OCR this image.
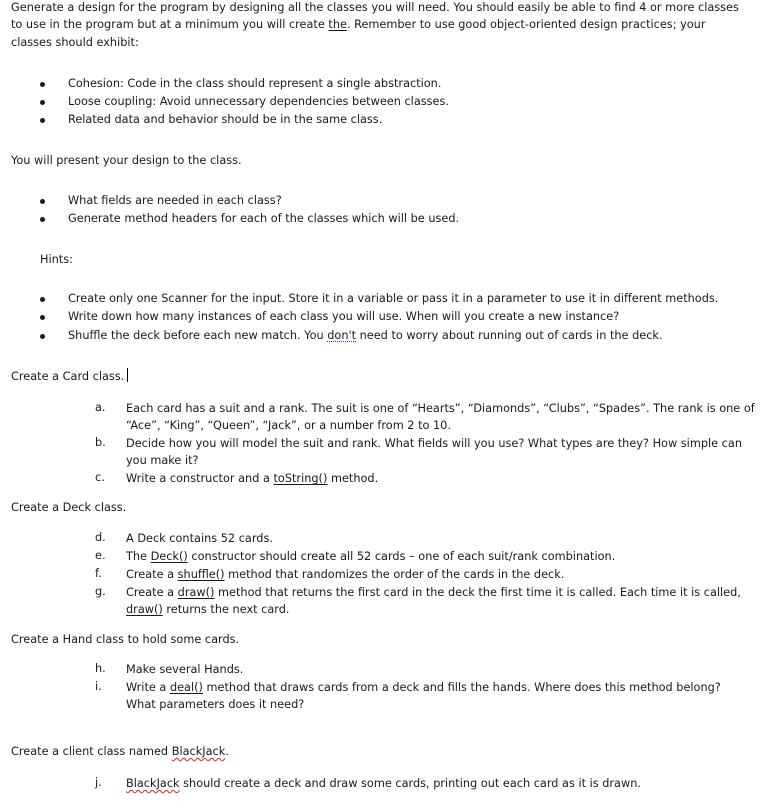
Generate a design for the program by designing all the classes you will need. You should easily be able to find 4 or more classes
to use in the program but at a minimum you will create the. Remember to use good object-oriented design practices; your
classes should exhibit:
Cohesion: Code in the class should represent a single abstraction.
Loose coupling: Avoid unnecessary dependencies between classes.
Related data and behavior should be in the same class.
You will present your design to the class.
What fields are needed in each class?
Generate method headers for each of the classes which will be used.
Hints:
Create only one Scanner for the input. Store it in a variable or pass it in a parameter to use it in different methods.
Write down how many instances of each class you will use. When will you create a new instance?
Shuffle the deck before each new match. You don't need to worry about running out of cards in the deck.
Create a Card class.
a.	Each card has a suit and a rank. The suit is one of “Hearts”, “Diamonds”, “Clubs”, “Spades”. The rank is one of
“Ace”, “King”, “Queen”, “Jack”, or a number from 2 to 10.
b.	Decide how you will model the suit and rank. What fields will you use? What types are they? How simple can
you make it?
c.	Write a constructor and a toString() method.
Create a Deck class.
d.	A Deck contains 52 cards.
e.	The Deck() constructor should create all 52 cards – one of each suit/rank combination.
f.	Create a shuffle() method that randomizes the order of the cards in the deck.
g.	Create a draw() method that returns the first card in the deck the first time it is called. Each time it is called,
draw() returns the next card.
Create a Hand class to hold some cards.
h.	Make several Hands.
i.	Write a deal() method that draws cards from a deck and fills the hands. Where does this method belong?
What parameters does it need?
Create a client class named BlackJack.
j.	BlackJack should create a deck and draw some cards, printing out each card as it is drawn.
